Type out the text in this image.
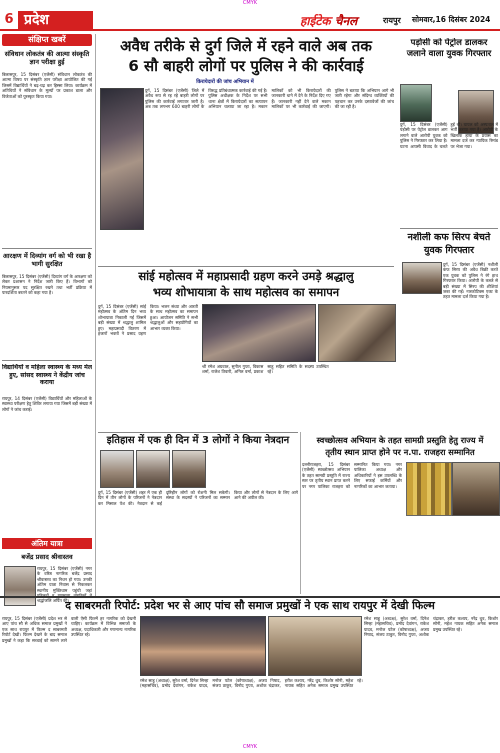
CMYK
6 प्रदेश	हाईटेक चैनल	रायपुर सोमवार,16 दिसंबर 2024
संक्षिप्त खबरें
संविधान लोकतंत्र की आत्मा संस्कृति ज्ञान परीक्षा हुई
बिलासपुर, 15 दिसंबर (एजेंसी) संविधान लोकतंत्र की आत्मा विषय पर संस्कृति ज्ञान परीक्षा आयोजित की गई जिसमें विद्यार्थियों ने बढ़-चढ़ कर हिस्सा लिया। कार्यक्रम में अतिथियों ने संविधान के मूल्यों पर प्रकाश डाला और विजेताओं को पुरस्कृत किया गया।
आरक्षण में दिव्यांग वर्ग को भी रखा है भागी सुरक्षित
बिलासपुर, 15 दिसंबर (एजेंसी) दिव्यांग वर्ग के आरक्षण को लेकर प्रशासन ने निर्देश जारी किए हैं। विभागों को नियमानुसार पद सुरक्षित रखने तथा भर्ती प्रक्रिया में पारदर्शिता बरतने को कहा गया है।
विद्यार्थियों व महिला स्वास्थ्य के मध्य मेल हुए, सांसद स्वास्थ्य ने केंद्रीय जांच कराया
रायपुर, 14 दिसंबर (एजेंसी) विद्यार्थियों और महिलाओं के स्वास्थ्य परीक्षण हेतु शिविर लगाया गया जिसमें बड़ी संख्या में लोगों ने जांच कराई।
अंतिम यात्रा
बजेंद्र प्रसाद श्रीवास्तव
रायपुर, 15 दिसंबर (एजेंसी) नगर के वरिष्ठ नागरिक बजेंद्र प्रसाद श्रीवास्तव का निधन हो गया। उनकी अंतिम यात्रा निवास से निकलकर स्थानीय मुक्तिधाम पहुंची जहां श्रद्धांजलि अर्पित की।
अवैध तरीके से दुर्ग जिले में रहने वाले अब तक
6 सौ बाहरी लोगों पर पुलिस ने की कार्रवाई
किरायेदारों की जांच अभियान में
दुर्ग, 15 दिसंबर (एजेंसी) जिले में अवैध रूप से रह रहे बाहरी लोगों पर पुलिस की कार्रवाई लगातार जारी है। अब तक लगभग 600 बाहरी लोगों के विरुद्ध प्रतिबंधात्मक कार्रवाई की गई है। पुलिस अधीक्षक के निर्देश पर सभी थाना क्षेत्रों में किरायेदारों का सत्यापन अभियान चलाया जा रहा है। मकान मालिकों को भी किरायेदारों की जानकारी थाने में देने के निर्देश दिए गए हैं। जानकारी नहीं देने वाले मकान मालिकों पर भी कार्रवाई की जाएगी। पुलिस ने बताया कि अभियान आगे भी जारी रहेगा और संदिग्ध व्यक्तियों की पहचान कर उनके दस्तावेजों की जांच की जा रही है।
पड़ोसी को पेट्रोल डालकर जलाने वाला युवक गिरफ्तार
दुर्ग, 15 दिसंबर (एजेंसी) पड़ोसी पर पेट्रोल डालकर आग लगाने वाले आरोपी युवक को पुलिस ने गिरफ्तार कर लिया है। घटना आपसी विवाद के चलते हुई थी। घायल को अस्पताल में भर्ती कराया गया है। आरोपी के खिलाफ हत्या के प्रयास का मामला दर्ज कर न्यायिक रिमांड पर भेजा गया।
नशीली कफ सिरप बेचते युवक गिरफ्तार
दुर्ग, 15 दिसंबर (एजेंसी) नशीली कफ सिरप की अवैध बिक्री करते एक युवक को पुलिस ने रंगे हाथ गिरफ्तार किया। आरोपी के कब्जे से बड़ी संख्या में सिरप की शीशियां जब्त की गईं। नारकोटिक्स एक्ट के तहत मामला दर्ज किया गया है।
सांई महोत्सव में महाप्रसादी ग्रहण करने उमड़े श्रद्धालु
भव्य शोभायात्रा के साथ महोत्सव का समापन
दुर्ग, 15 दिसंबर (एजेंसी) सांई महोत्सव के अंतिम दिन भव्य शोभायात्रा निकाली गई जिसमें बड़ी संख्या में श्रद्धालु शामिल हुए। महाप्रसादी वितरण में हजारों भक्तों ने प्रसाद ग्रहण किया। भजन संध्या और आरती के साथ महोत्सव का समापन हुआ। आयोजन समिति ने सभी श्रद्धालुओं और सहयोगियों का आभार व्यक्त किया।
श्री रमेश अग्रवाल, सुनील गुप्ता, विकास शर्मा, राजेश तिवारी, अनिल वर्मा, प्रकाश साहू सहित समिति के सदस्य उपस्थित रहे।
इतिहास में एक ही दिन में 3 लोगों ने किया नेत्रदान
दुर्ग, 15 दिसंबर (एजेंसी) शहर में एक ही दिन में तीन लोगों के परिजनों ने नेत्रदान कर मिसाल पेश की। नेत्रदान से कई दृष्टिहीन लोगों को रोशनी मिल सकेगी। संस्था के सदस्यों ने परिजनों का सम्मान किया और लोगों से नेत्रदान के लिए आगे आने की अपील की।
स्वच्छोत्सव अभियान के तहत सामग्री प्रस्तुति हेतु राज्य में
तृतीय स्थान प्राप्त होने पर न.पा. राजहरा सम्मानित
दल्लीराजहरा, 15 दिसंबर (एजेंसी) स्वच्छोत्सव अभियान के तहत सामग्री प्रस्तुति में राज्य स्तर पर तृतीय स्थान प्राप्त करने पर नगर पालिका राजहरा को सम्मानित किया गया। नगर पालिका अध्यक्ष और अधिकारियों ने इस उपलब्धि के लिए सफाई कर्मियों और नागरिकों का आभार जताया।
द साबरमती रिपोर्ट: प्रदेश भर से आए पांच सौ समाज प्रमुखों ने एक साथ रायपुर में देखी फिल्म
रायपुर, 15 दिसंबर (एजेंसी) प्रदेश भर से आए पांच सौ से अधिक समाज प्रमुखों ने एक साथ रायपुर में फिल्म द साबरमती रिपोर्ट देखी। फिल्म देखने के बाद समाज प्रमुखों ने कहा कि सच्चाई को सामने लाने वाली ऐसी फिल्में हर नागरिक को देखनी चाहिए। कार्यक्रम में विभिन्न समाजों के अध्यक्ष, पदाधिकारी और गणमान्य नागरिक उपस्थित रहे।
रमेश साहू (अध्यक्ष), सुरेश वर्मा, दिनेश सिन्हा (महासचिव), प्रमोद देवांगन, राकेश यादव, मनोज पटेल (कोषाध्यक्ष), अजय निषाद, संजय ठाकुर, विनोद गुप्ता, अशोक चंद्राकर, हरीश कश्यप, नरेंद्र धुव, किशोर सोनी, महेश नायक सहित अनेक समाज प्रमुख उपस्थित रहे।
रमेश साहू (अध्यक्ष), सुरेश वर्मा, दिनेश सिन्हा (महासचिव), प्रमोद देवांगन, राकेश यादव, मनोज पटेल (कोषाध्यक्ष), अजय निषाद, संजय ठाकुर, विनोद गुप्ता, अशोक चंद्राकर, हरीश कश्यप, नरेंद्र धुव, किशोर सोनी, महेश नायक सहित अनेक समाज प्रमुख उपस्थित रहे।
CMYK
